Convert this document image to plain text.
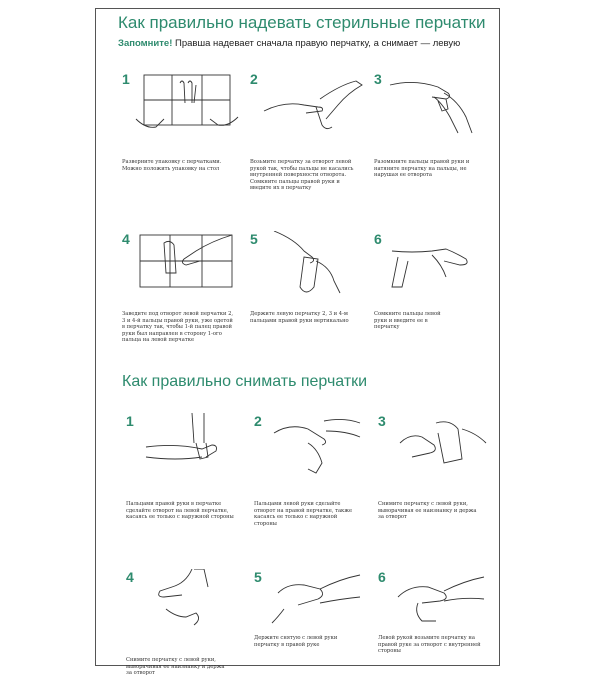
Как правильно надевать стерильные перчатки
Запомните! Правша надевает сначала правую перчатку, а снимает — левую
1
Разверните упаковку с перчатками. Можно положить упаковку на стол
2
Возьмите перчатку за отворот левой рукой так, чтобы пальцы не касались внутренней поверхности отворота. Сомкните пальцы правой руки и введите их в перчатку
3
Разомкните пальцы правой руки и натяните перчатку на пальцы, не нарушая ее отворота
4
Заведите под отворот левой перчатки 2, 3 и 4-й пальцы правой руки, уже одетой в перчатку так, чтобы 1-й палец правой руки был направлен в сторону 1-ого пальца на левой перчатке
5
Держите левую перчатку 2, 3 и 4-м пальцами правой руки вертикально
6
Сомкните пальцы левой руки и введите ее в перчатку
Как правильно снимать перчатки
1
Пальцами правой руки в перчатке сделайте отворот на левой перчатке, касаясь ее только с наружной стороны
2
Пальцами левой руки сделайте отворот на правой перчатке, также касаясь ее только с наружной стороны
3
Снимите перчатку с левой руки, выворачивая ее наизнанку и держа за отворот
4
Снимите перчатку с левой руки, выворачивая ее наизнанку и держа за отворот
5
Держите снятую с левой руки перчатку в правой руке
6
Левой рукой возьмите перчатку на правой руке за отворот с внутренней стороны
